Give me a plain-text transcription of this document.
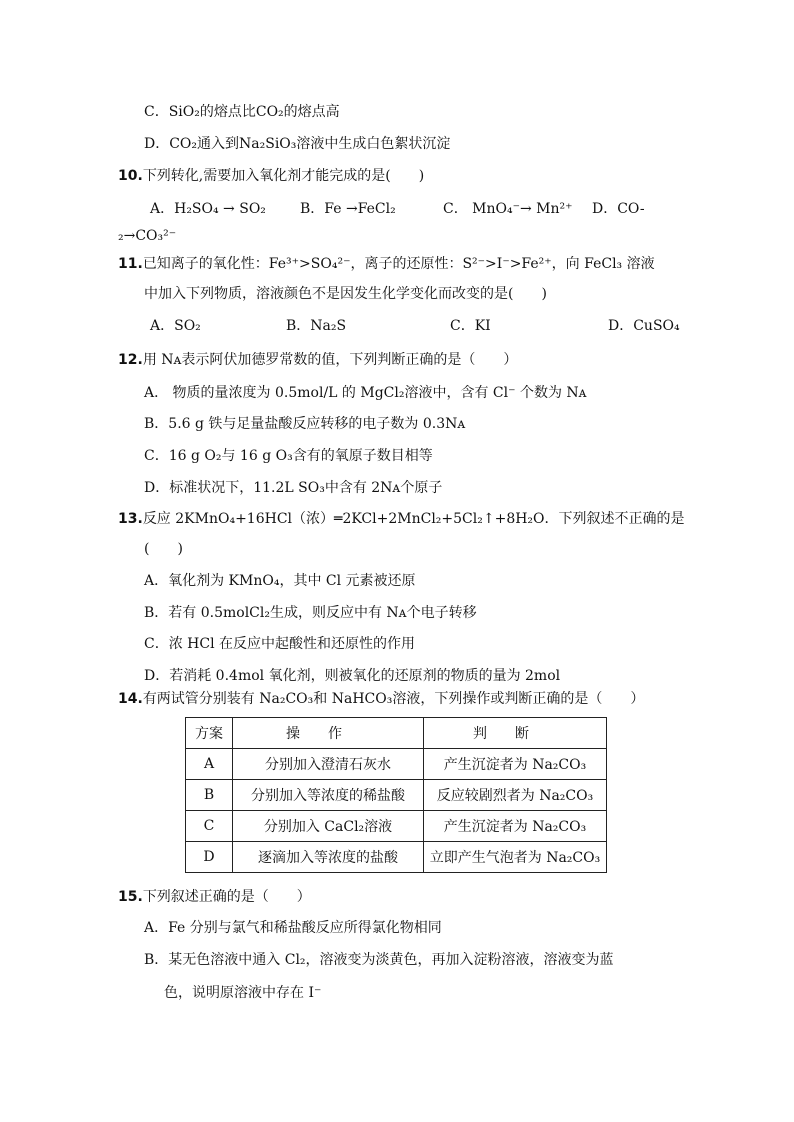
C．SiO₂的熔点比CO₂的熔点高
D．CO₂通入到Na₂SiO₃溶液中生成白色絮状沉淀
10.下列转化,需要加入氧化剂才能完成的是(　　)
A．H₂SO₄ → SO₂ B．Fe →FeCl₂	C． MnO₄⁻→ Mn²⁺ D．CO-
₂→CO₃²⁻
11.已知离子的氧化性：Fe³⁺>SO₄²⁻，离子的还原性：S²⁻>I⁻>Fe²⁺，向 FeCl₃ 溶液
中加入下列物质，溶液颜色不是因发生化学变化而改变的是(　　)
A．SO₂	B．Na₂S	C．KI	D．CuSO₄
12.用 Nᴀ表示阿伏加德罗常数的值，下列判断正确的是（　　）
A． 物质的量浓度为 0.5mol/L 的 MgCl₂溶液中，含有 Cl⁻ 个数为 Nᴀ
B．5.6 g 铁与足量盐酸反应转移的电子数为 0.3Nᴀ
C．16 g O₂与 16 g O₃含有的氧原子数目相等
D．标准状况下，11.2L SO₃中含有 2Nᴀ个原子
13.反应 2KMnO₄+16HCl（浓）═2KCl+2MnCl₂+5Cl₂↑+8H₂O．下列叙述不正确的是
(　　)
A．氧化剂为 KMnO₄，其中 Cl 元素被还原
B．若有 0.5molCl₂生成，则反应中有 Nᴀ个电子转移
C．浓 HCl 在反应中起酸性和还原性的作用
D．若消耗 0.4mol 氧化剂，则被氧化的还原剂的物质的量为 2mol
14.有两试管分别装有 Na₂CO₃和 NaHCO₃溶液，下列操作或判断正确的是（　　）
方案	操作	判断
A	分别加入澄清石灰水	产生沉淀者为 Na₂CO₃
B	分别加入等浓度的稀盐酸	反应较剧烈者为 Na₂CO₃
C	分别加入 CaCl₂溶液	产生沉淀者为 Na₂CO₃
D	逐滴加入等浓度的盐酸	立即产生气泡者为 Na₂CO₃
15.下列叙述正确的是（　　）
A．Fe 分别与氯气和稀盐酸反应所得氯化物相同
B．某无色溶液中通入 Cl₂，溶液变为淡黄色，再加入淀粉溶液，溶液变为蓝
色，说明原溶液中存在 I⁻
